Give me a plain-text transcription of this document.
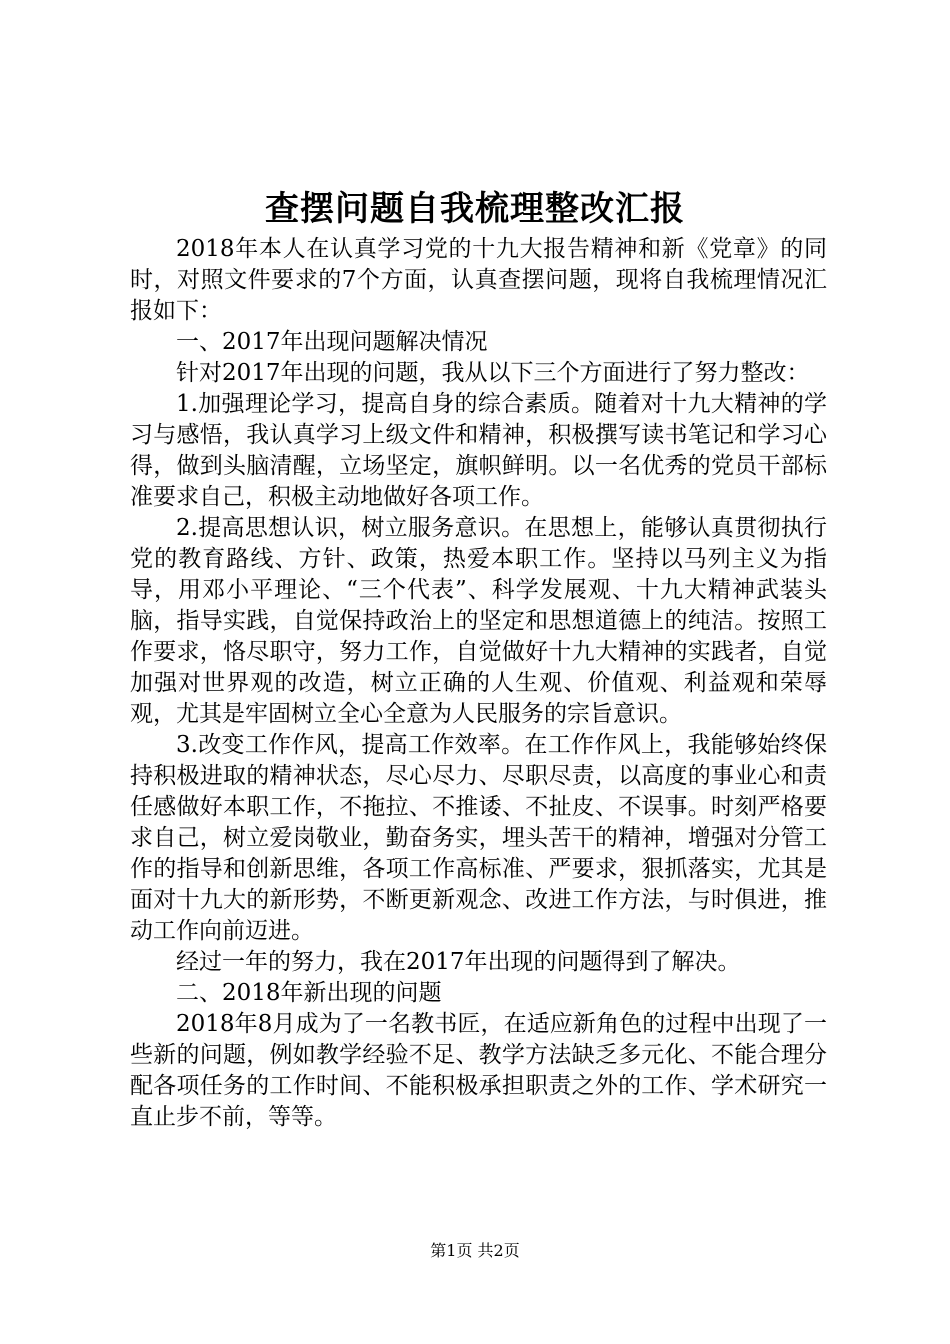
查摆问题自我梳理整改汇报

2018年本人在认真学习党的十九大报告精神和新《党章》的同时，对照文件要求的7个方面，认真查摆问题，现将自我梳理情况汇报如下：

一、2017年出现问题解决情况

针对2017年出现的问题，我从以下三个方面进行了努力整改：

1.加强理论学习，提高自身的综合素质。随着对十九大精神的学习与感悟，我认真学习上级文件和精神，积极撰写读书笔记和学习心得，做到头脑清醒，立场坚定，旗帜鲜明。以一名优秀的党员干部标准要求自己，积极主动地做好各项工作。

2.提高思想认识，树立服务意识。在思想上，能够认真贯彻执行党的教育路线、方针、政策，热爱本职工作。坚持以马列主义为指导，用邓小平理论、“三个代表”、科学发展观、十九大精神武装头脑，指导实践，自觉保持政治上的坚定和思想道德上的纯洁。按照工作要求，恪尽职守，努力工作，自觉做好十九大精神的实践者，自觉加强对世界观的改造，树立正确的人生观、价值观、利益观和荣辱观，尤其是牢固树立全心全意为人民服务的宗旨意识。

3.改变工作作风，提高工作效率。在工作作风上，我能够始终保持积极进取的精神状态，尽心尽力、尽职尽责，以高度的事业心和责任感做好本职工作，不拖拉、不推诿、不扯皮、不误事。时刻严格要求自己，树立爱岗敬业，勤奋务实，埋头苦干的精神，增强对分管工作的指导和创新思维，各项工作高标准、严要求，狠抓落实，尤其是面对十九大的新形势，不断更新观念、改进工作方法，与时俱进，推动工作向前迈进。

经过一年的努力，我在2017年出现的问题得到了解决。

二、2018年新出现的问题

2018年8月成为了一名教书匠，在适应新角色的过程中出现了一些新的问题，例如教学经验不足、教学方法缺乏多元化、不能合理分配各项任务的工作时间、不能积极承担职责之外的工作、学术研究一直止步不前，等等。

第1页 共2页
